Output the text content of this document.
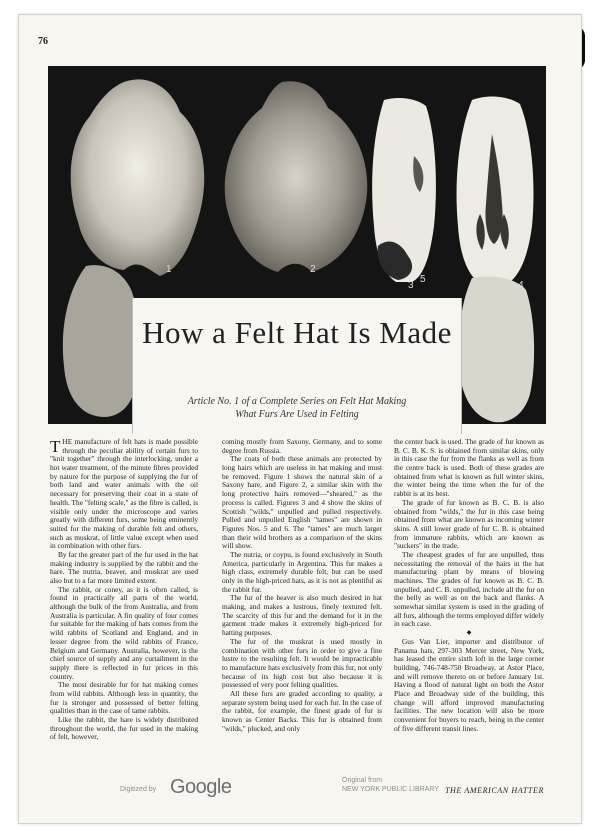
76
1	2
3	4
5
How a Felt Hat Is Made
Article No. 1 of a Complete Series on Felt Hat Making
What Furs Are Used in Felting

THE manufacture of felt hats is made possible through the peculiar ability of certain furs to "knit together" through the interlocking, under a hot water treatment, of the minute fibres provided by nature for the purpose of supplying the fur of both land and water animals with the oil necessary for preserving their coat in a state of health. The "felting scale," as the fibre is called, is visible only under the microscope and varies greatly with different furs, some being eminently suited for the making of durable felt and others, such as muskrat, of little value except when used in combination with other furs.

By far the greater part of the fur used in the hat making industry is supplied by the rabbit and the hare. The nutria, beaver, and muskrat are used also but to a far more limited extent.

The rabbit, or coney, as it is often called, is found in practically all parts of the world, although the bulk of the from Australia, and from Australia is particular. A fin quality of four comes fur suitable for the making of hats comes from the wild rabbits of Scotland and England, and in lesser degree from the wild rabbits of France, Belgium and Germany. Australia, however, is the chief source of supply and any curtailment in the supply there is reflected in fur prices in this country.

The most desirable fur for hat making comes from wild rabbits. Although less in quantity, the fur is stronger and possessed of better felting qualities than in the case of tame rabbits.

Like the rabbit, the hare is widely distributed throughout the world, the fur used in the making of felt, however,

coming mostly from Saxony, Germany, and to some degree from Russia.

The coats of both these animals are protected by long hairs which are useless in hat making and must be removed. Figure 1 shows the natural skin of a Saxony hare, and Figure 2, a similar skin with the long protective hairs removed—"sheared," as the process is called. Figures 3 and 4 show the skins of Scottish "wilds," unpulled and pulled respectively. Pulled and unpulled English "tames" are shown in Figures Nos. 5 and 6. The "tames" are much larger than their wild brothers as a comparison of the skins will show.

The nutria, or coypu, is found exclusively in South America, particularly in Argentina. This fur makes a high class, extremely durable felt, but can be used only in the high-priced hats, as it is not as plentiful as the rabbit fur.

The fur of the beaver is also much desired in hat making, and makes a lustrous, finely textured felt. The scarcity of this fur and the demand for it in the garment trade makes it extremely high-priced for hatting purposes.

The fur of the muskrat is used mostly in combination with other furs in order to give a fine lustre to the resulting felt. It would be impracticable to manufacture hats exclusively from this fur, not only because of its high cost but also because it is possessed of very poor felting qualities.

All these furs are graded according to quality, a separate system being used for each fur. In the case of the rabbit, for example, the finest grade of fur is known as Center Backs. This fur is obtained from "wilds," plucked, and only

the center back is used. The grade of fur known as B. C. B. K. S. is obtained from similar skins, only in this case the fur from the flanks as well as from the centre back is used. Both of these grades are obtained from what is known as full winter skins, the winter being the time when the fur of the rabbit is at its best.

The grade of fur known as B. C. B. is also obtained from "wilds," the fur in this case being obtained from what are known as incoming winter skins. A still lower grade of fur C. B. is obtained from immature rabbits, which are known as "suckers" in the trade.

The cheapest grades of fur are unpulled, thus necessitating the removal of the hairs in the hat manufacturing plant by means of blowing machines. The grades of fur known as B. C. B. unpulled, and C. B. unpulled, include all the fur on the belly as well as on the back and flanks. A somewhat similar system is used in the grading of all furs, although the terms employed differ widely in each case.

◆

Gus Van Lier, importer and distributor of Panama hats, 297-303 Mercer street, New York, has leased the entire sixth loft in the large corner building, 746-748-750 Broadway, at Astor Place, and will remove thereto on or before January 1st. Having a flood of natural light on both the Astor Place and Broadway side of the building, this change will afford improved manufacturing facilities. The new location will also be more convenient for buyers to reach, being in the center of five different transit lines.

Digitized by Google	Original from
NEW YORK PUBLIC LIBRARY THE AMERICAN HATTER
